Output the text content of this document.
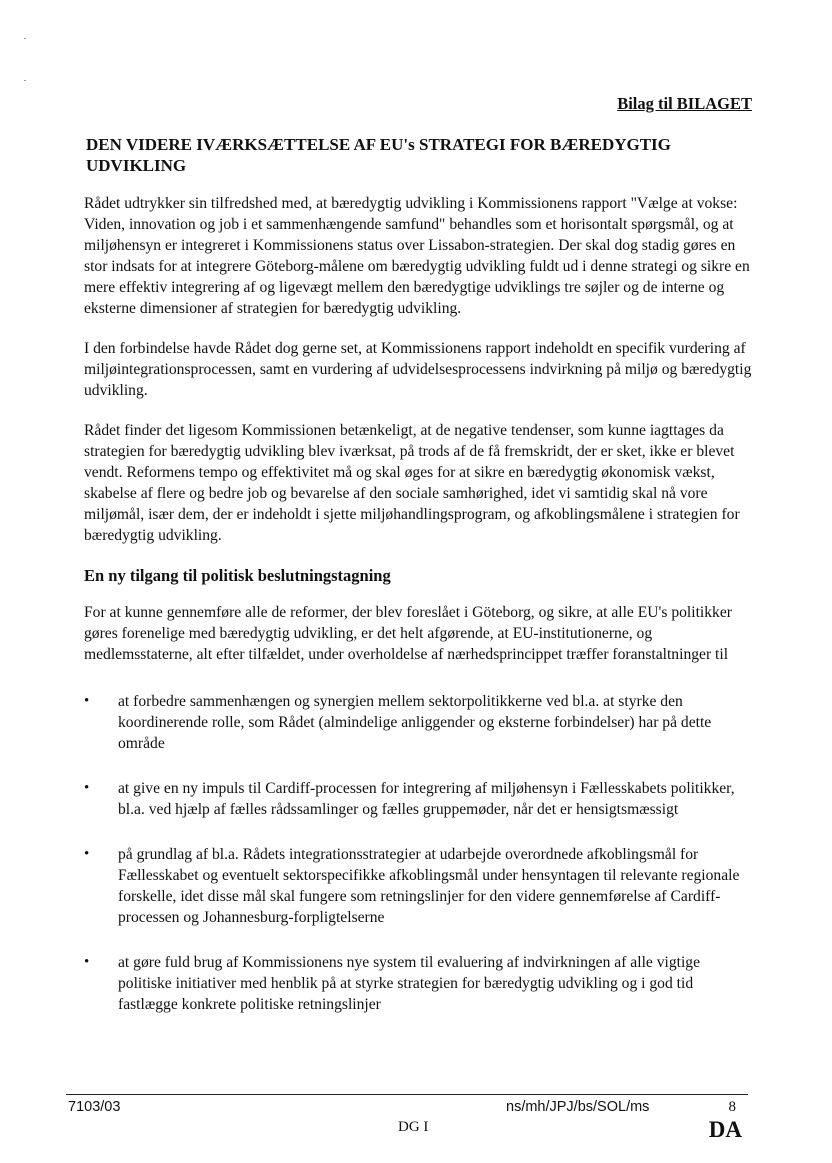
Bilag til BILAGET
DEN VIDERE IVÆRKSÆTTELSE AF EU's STRATEGI FOR BÆREDYGTIG UDVIKLING

Rådet udtrykker sin tilfredshed med, at bæredygtig udvikling i Kommissionens rapport "Vælge at vokse: Viden, innovation og job i et sammenhængende samfund" behandles som et horisontalt spørgsmål, og at miljøhensyn er integreret i Kommissionens status over Lissabon-strategien. Der skal dog stadig gøres en stor indsats for at integrere Göteborg-målene om bæredygtig udvikling fuldt ud i denne strategi og sikre en mere effektiv integrering af og ligevægt mellem den bæredygtige udviklings tre søjler og de interne og eksterne dimensioner af strategien for bæredygtig udvikling.

I den forbindelse havde Rådet dog gerne set, at Kommissionens rapport indeholdt en specifik vurdering af miljøintegrationsprocessen, samt en vurdering af udvidelsesprocessens indvirkning på miljø og bæredygtig udvikling.

Rådet finder det ligesom Kommissionen betænkeligt, at de negative tendenser, som kunne iagttages da strategien for bæredygtig udvikling blev iværksat, på trods af de få fremskridt, der er sket, ikke er blevet vendt. Reformens tempo og effektivitet må og skal øges for at sikre en bæredygtig økonomisk vækst, skabelse af flere og bedre job og bevarelse af den sociale samhørighed, idet vi samtidig skal nå vore miljømål, især dem, der er indeholdt i sjette miljøhandlingsprogram, og afkoblingsmålene i strategien for bæredygtig udvikling.

En ny tilgang til politisk beslutningstagning

For at kunne gennemføre alle de reformer, der blev foreslået i Göteborg, og sikre, at alle EU's politikker gøres forenelige med bæredygtig udvikling, er det helt afgørende, at EU-institutionerne, og medlemsstaterne, alt efter tilfældet, under overholdelse af nærhedsprincippet træffer foranstaltninger til

• at forbedre sammenhængen og synergien mellem sektorpolitikkerne ved bl.a. at styrke den koordinerende rolle, som Rådet (almindelige anliggender og eksterne forbindelser) har på dette område
• at give en ny impuls til Cardiff-processen for integrering af miljøhensyn i Fællesskabets politikker, bl.a. ved hjælp af fælles rådssamlinger og fælles gruppemøder, når det er hensigtsmæssigt
• på grundlag af bl.a. Rådets integrationsstrategier at udarbejde overordnede afkoblingsmål for Fællesskabet og eventuelt sektorspecifikke afkoblingsmål under hensyntagen til relevante regionale forskelle, idet disse mål skal fungere som retningslinjer for den videre gennemførelse af Cardiff-processen og Johannesburg-forpligtelserne
• at gøre fuld brug af Kommissionens nye system til evaluering af indvirkningen af alle vigtige politiske initiativer med henblik på at styrke strategien for bæredygtig udvikling og i god tid fastlægge konkrete politiske retningslinjer
7103/03	ns/mh/JPJ/bs/SOL/ms	8
DG I	DA
